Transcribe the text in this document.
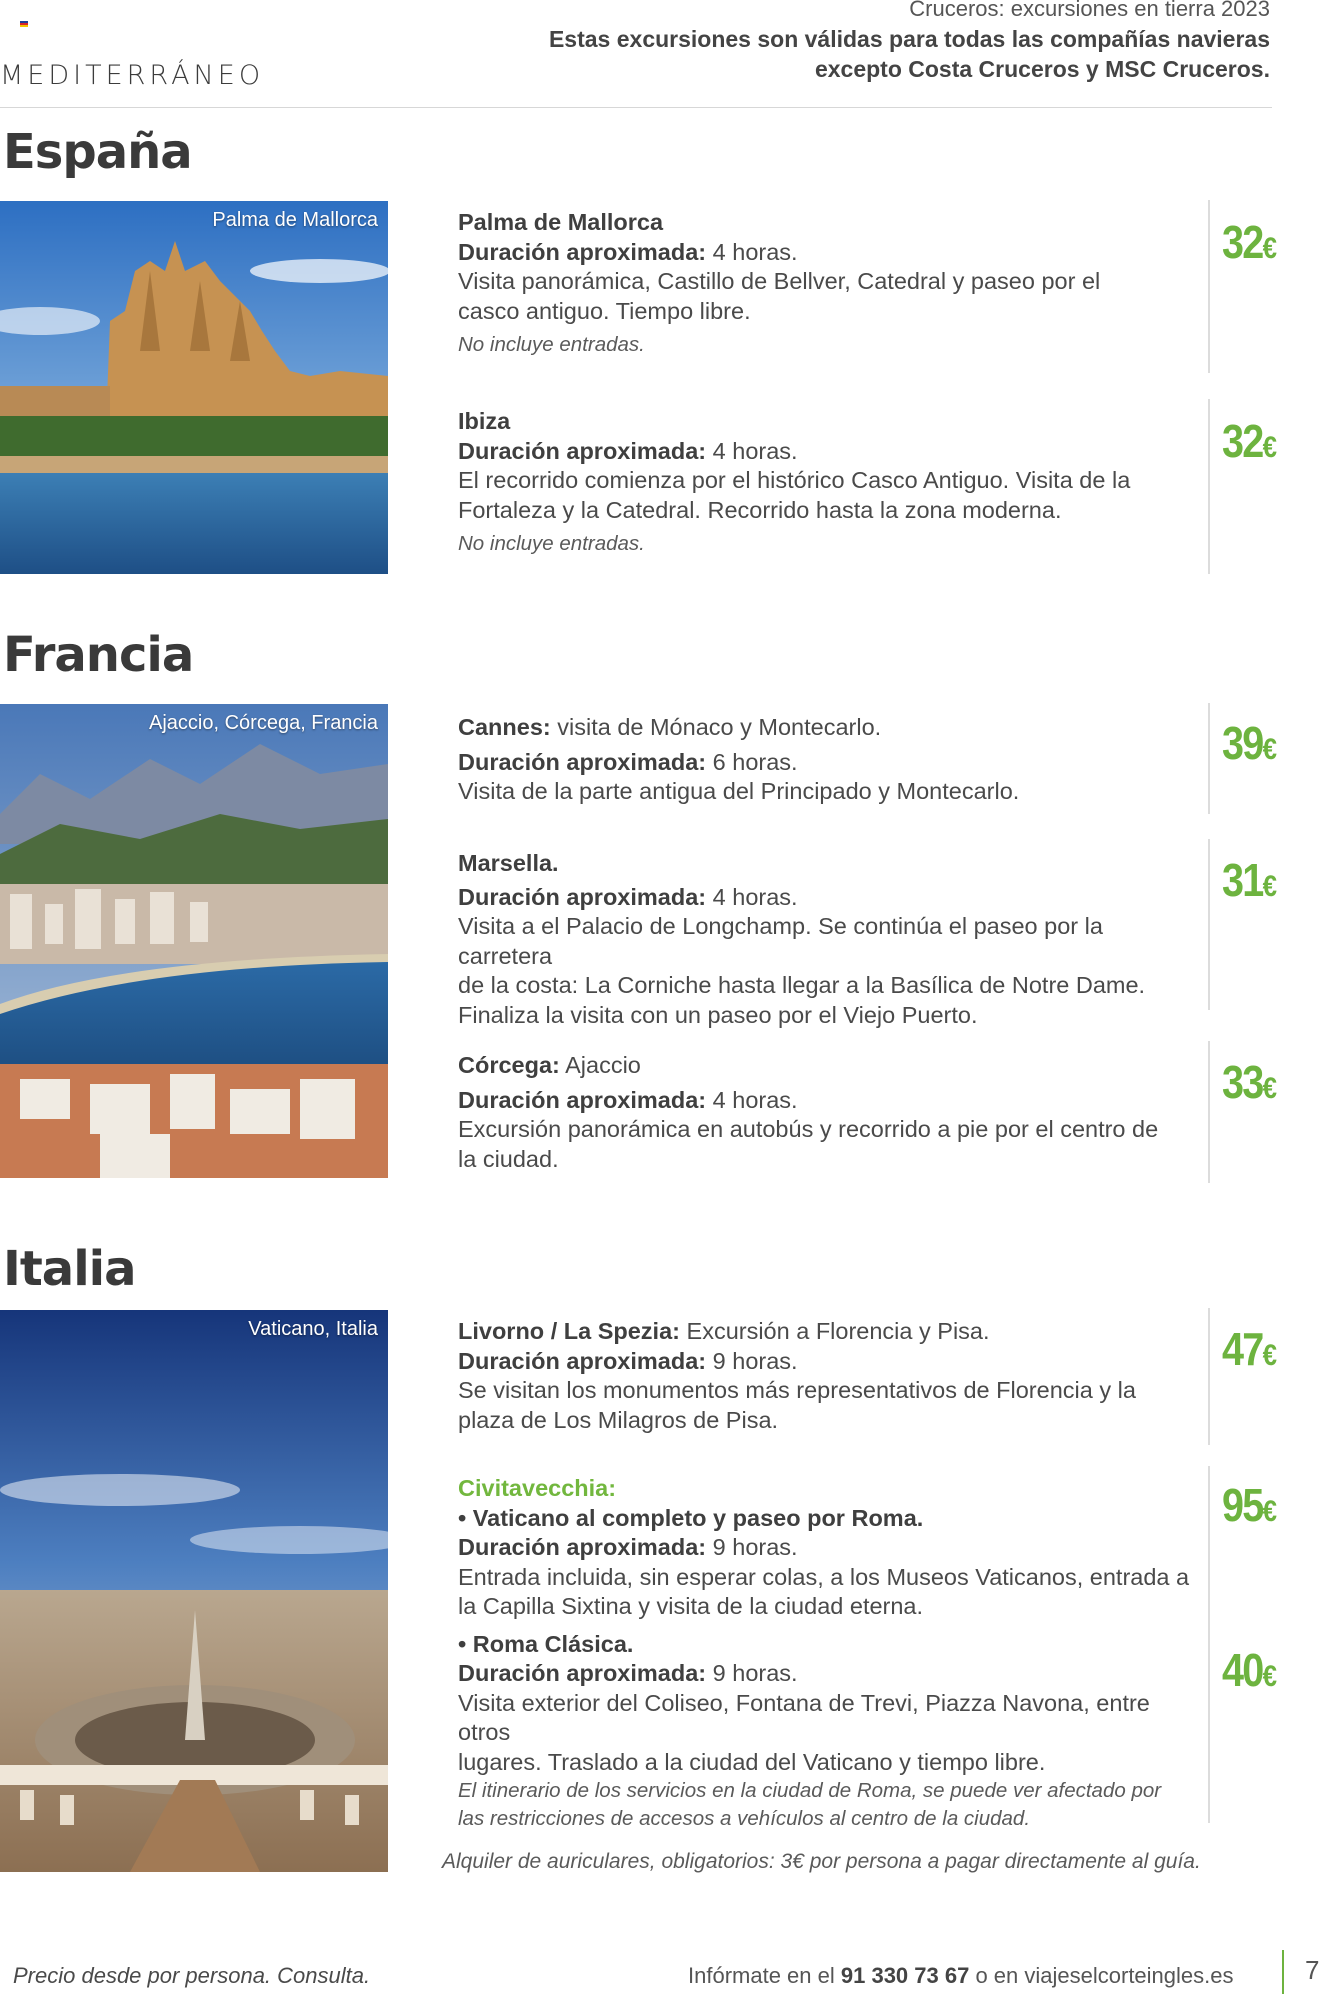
MEDITERRÁNEO
Cruceros: excursiones en tierra 2023
Estas excursiones son válidas para todas las compañías navieras
excepto Costa Cruceros y MSC Cruceros.
España
Palma de Mallorca	Palma de Mallorca
Duración aproximada: 4 horas.
Visita panorámica, Castillo de Bellver, Catedral y paseo por el
casco antiguo. Tiempo libre.
No incluye entradas.
32€
Ibiza
Duración aproximada: 4 horas.
El recorrido comienza por el histórico Casco Antiguo. Visita de la
Fortaleza y la Catedral. Recorrido hasta la zona moderna.
No incluye entradas.
32€
Francia
Ajaccio, Córcega, Francia	Cannes: visita de Mónaco y Montecarlo.
Duración aproximada: 6 horas.
Visita de la parte antigua del Principado y Montecarlo.
39€
Marsella.
Duración aproximada: 4 horas.
Visita a el Palacio de Longchamp. Se continúa el paseo por la carretera
de la costa: La Corniche hasta llegar a la Basílica de Notre Dame.
Finaliza la visita con un paseo por el Viejo Puerto.
31€
Córcega: Ajaccio
Duración aproximada: 4 horas.
Excursión panorámica en autobús y recorrido a pie por el centro de
la ciudad.
33€
Italia
Vaticano, Italia	Livorno / La Spezia: Excursión a Florencia y Pisa.
Duración aproximada: 9 horas.
Se visitan los monumentos más representativos de Florencia y la
plaza de Los Milagros de Pisa.
47€
Civitavecchia:
• Vaticano al completo y paseo por Roma.
Duración aproximada: 9 horas.
Entrada incluida, sin esperar colas, a los Museos Vaticanos, entrada a
la Capilla Sixtina y visita de la ciudad eterna.
• Roma Clásica.
Duración aproximada: 9 horas.
Visita exterior del Coliseo, Fontana de Trevi, Piazza Navona, entre otros
lugares. Traslado a la ciudad del Vaticano y tiempo libre.
El itinerario de los servicios en la ciudad de Roma, se puede ver afectado por
las restricciones de accesos a vehículos al centro de la ciudad.
95€
40€
Alquiler de auriculares, obligatorios: 3€ por persona a pagar directamente al guía.
Precio desde por persona. Consulta.	Infórmate en el 91 330 73 67 o en viajeselcorteingles.es	7
